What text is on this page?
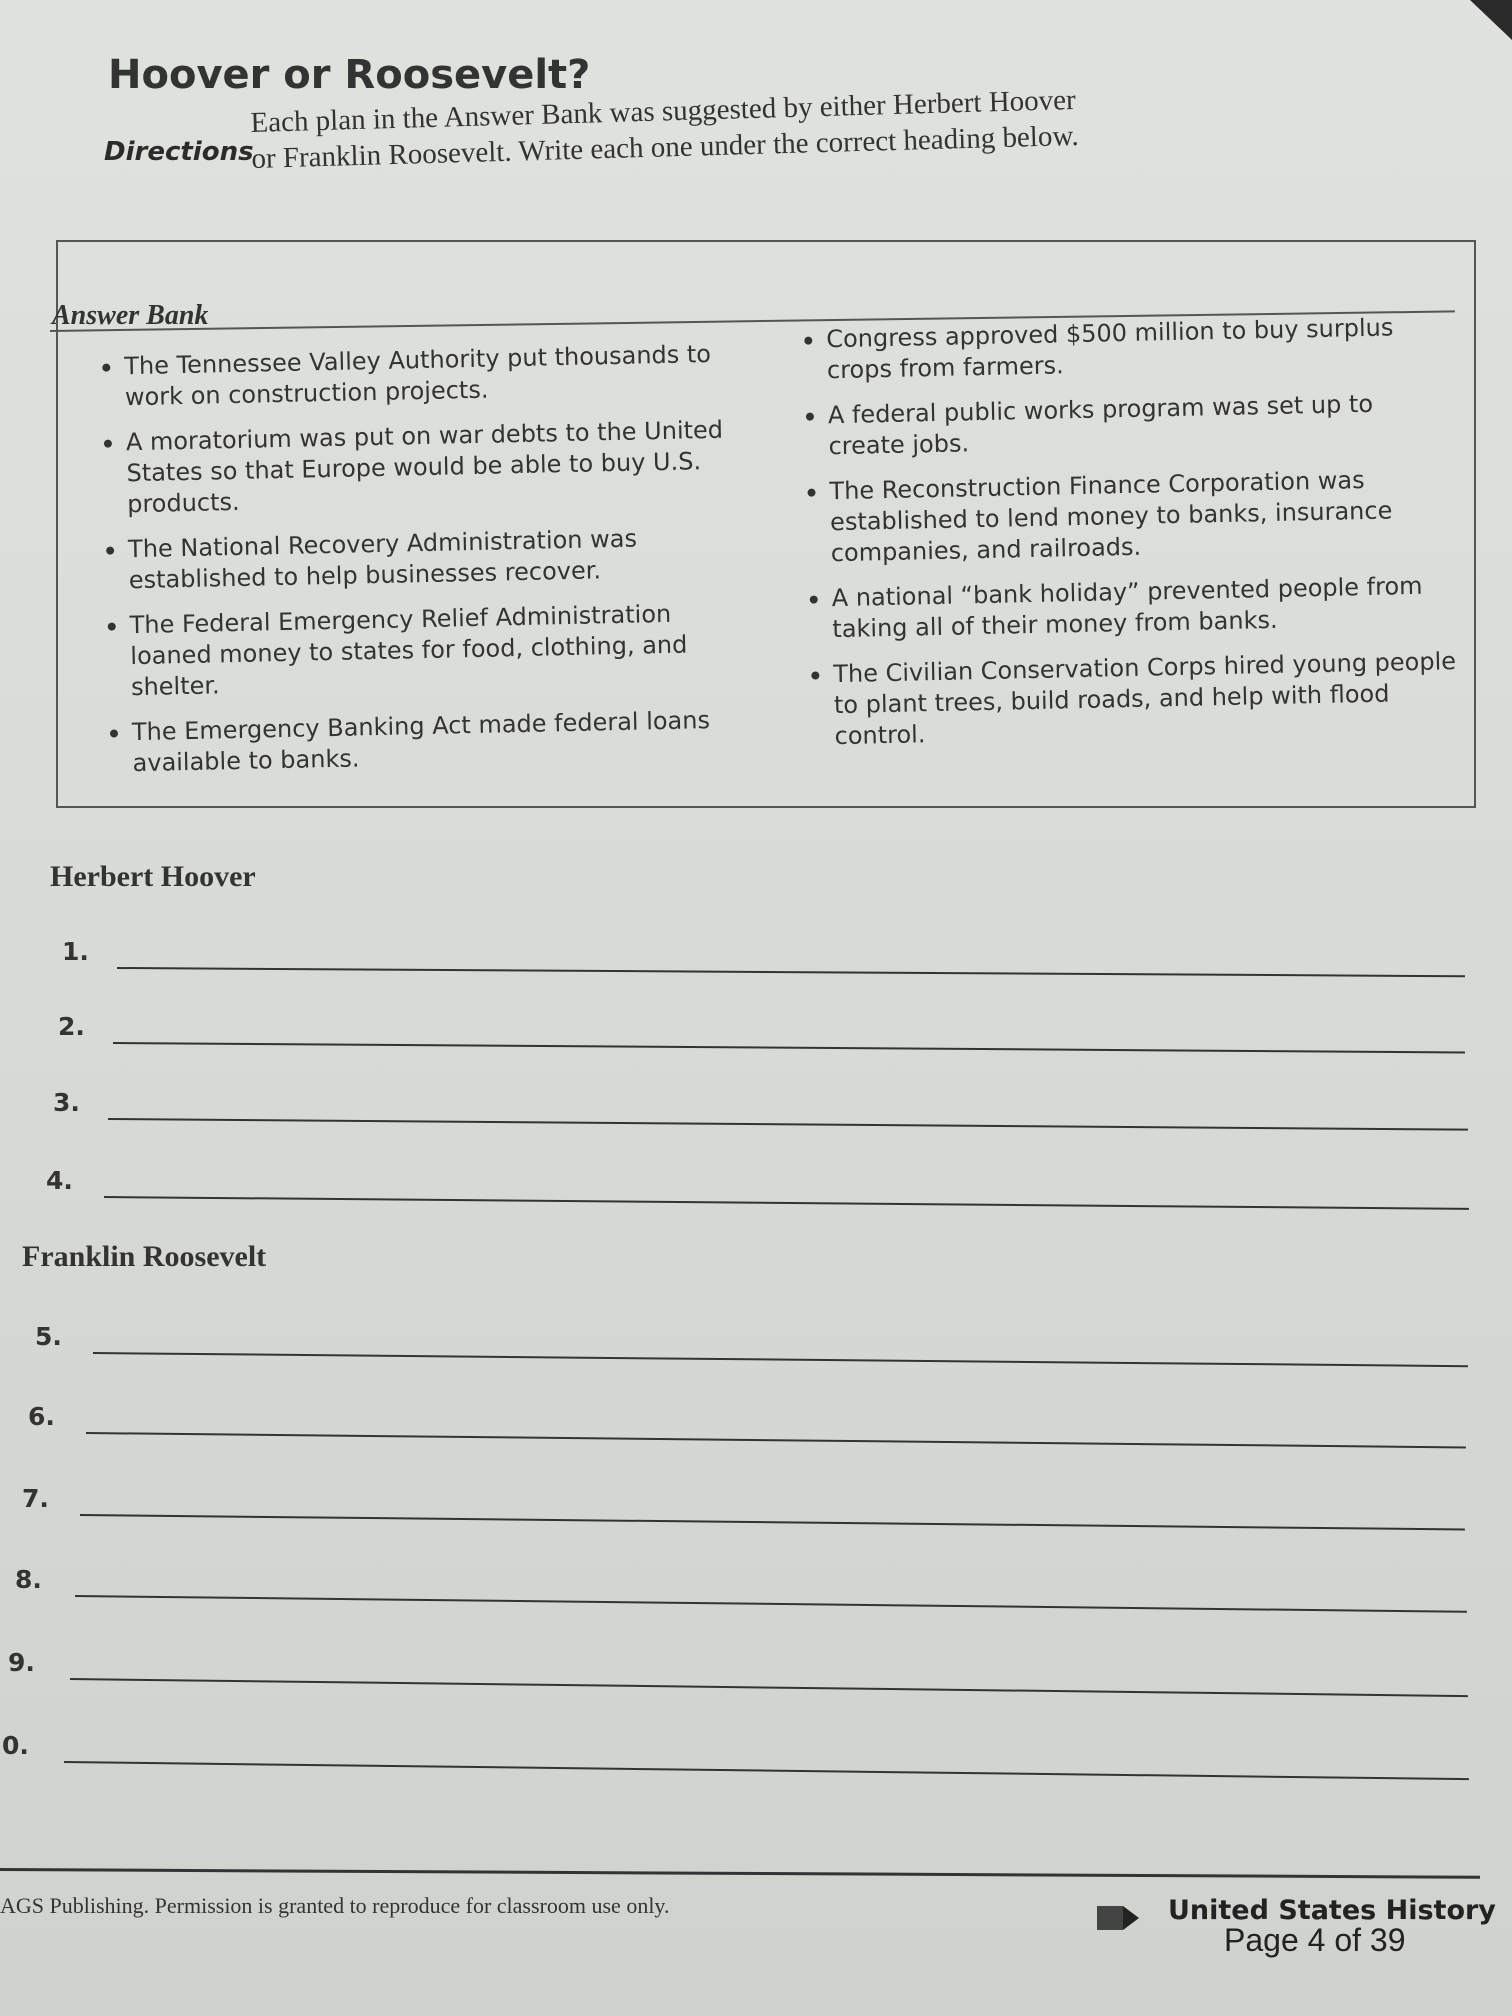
Hoover or Roosevelt?
Directions
Each plan in the Answer Bank was suggested by either Herbert Hoover or Franklin Roosevelt. Write each one under the correct heading below.
Answer Bank
The Tennessee Valley Authority put thousands to work on construction projects.
A moratorium was put on war debts to the United States so that Europe would be able to buy U.S. products.
The National Recovery Administration was established to help businesses recover.
The Federal Emergency Relief Administration loaned money to states for food, clothing, and shelter.
The Emergency Banking Act made federal loans available to banks.
Congress approved $500 million to buy surplus crops from farmers.
A federal public works program was set up to create jobs.
The Reconstruction Finance Corporation was established to lend money to banks, insurance companies, and railroads.
A national “bank holiday” prevented people from taking all of their money from banks.
The Civilian Conservation Corps hired young people to plant trees, build roads, and help with flood control.
Herbert Hoover
1.
2.
3.
4.
Franklin Roosevelt
5.
6.
7.
8.
9.
0.
AGS Publishing. Permission is granted to reproduce for classroom use only.	United States History
Page 4 of 39
